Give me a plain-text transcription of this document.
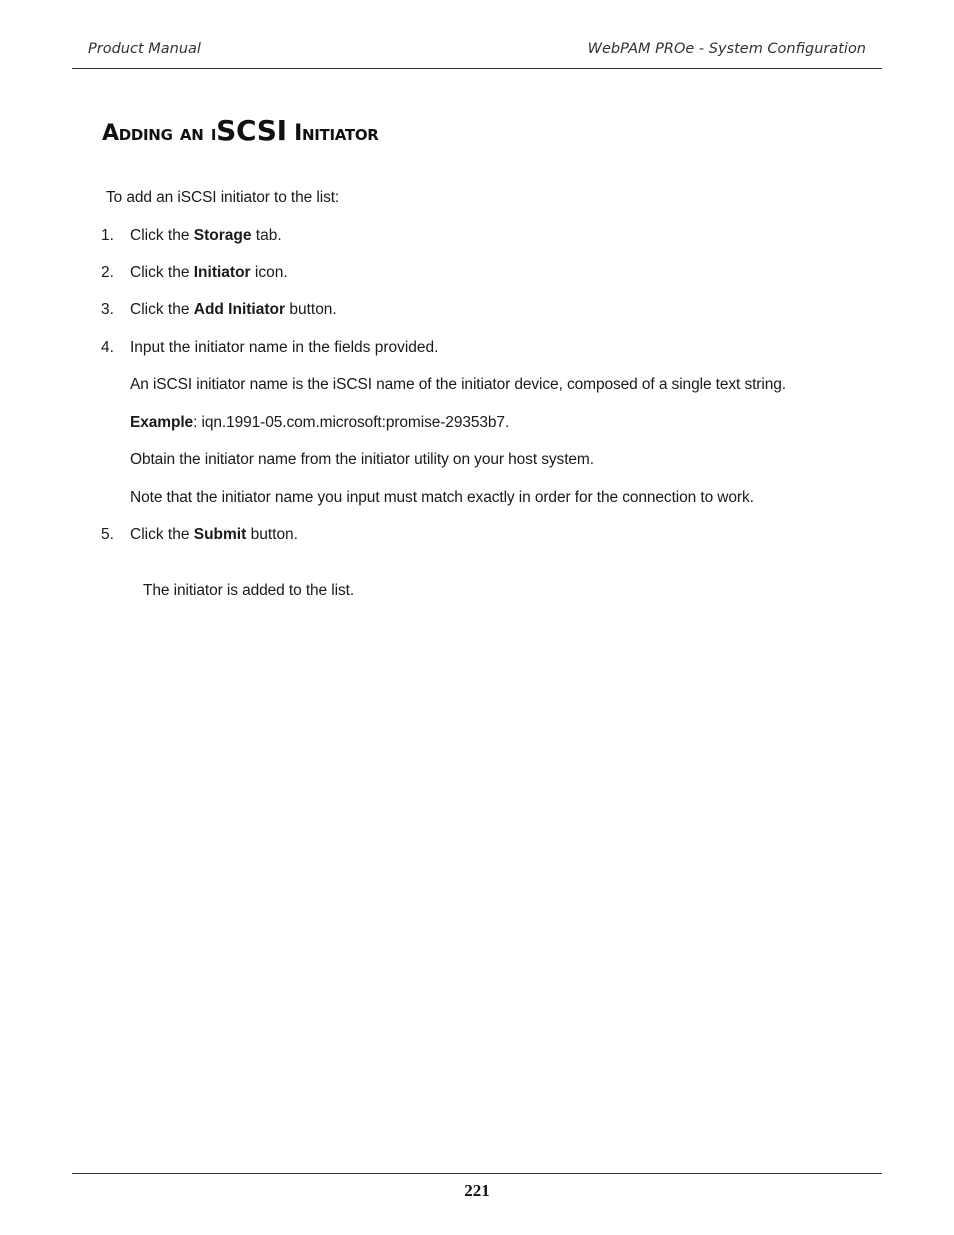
Product Manual	WebPAM PROe - System Configuration
Adding an iSCSI Initiator
To add an iSCSI initiator to the list:
1. Click the Storage tab.
2. Click the Initiator icon.
3. Click the Add Initiator button.
4. Input the initiator name in the fields provided.
An iSCSI initiator name is the iSCSI name of the initiator device, composed of a single text string.
Example: iqn.1991-05.com.microsoft:promise-29353b7.
Obtain the initiator name from the initiator utility on your host system.
Note that the initiator name you input must match exactly in order for the connection to work.
5. Click the Submit button.
The initiator is added to the list.
221
